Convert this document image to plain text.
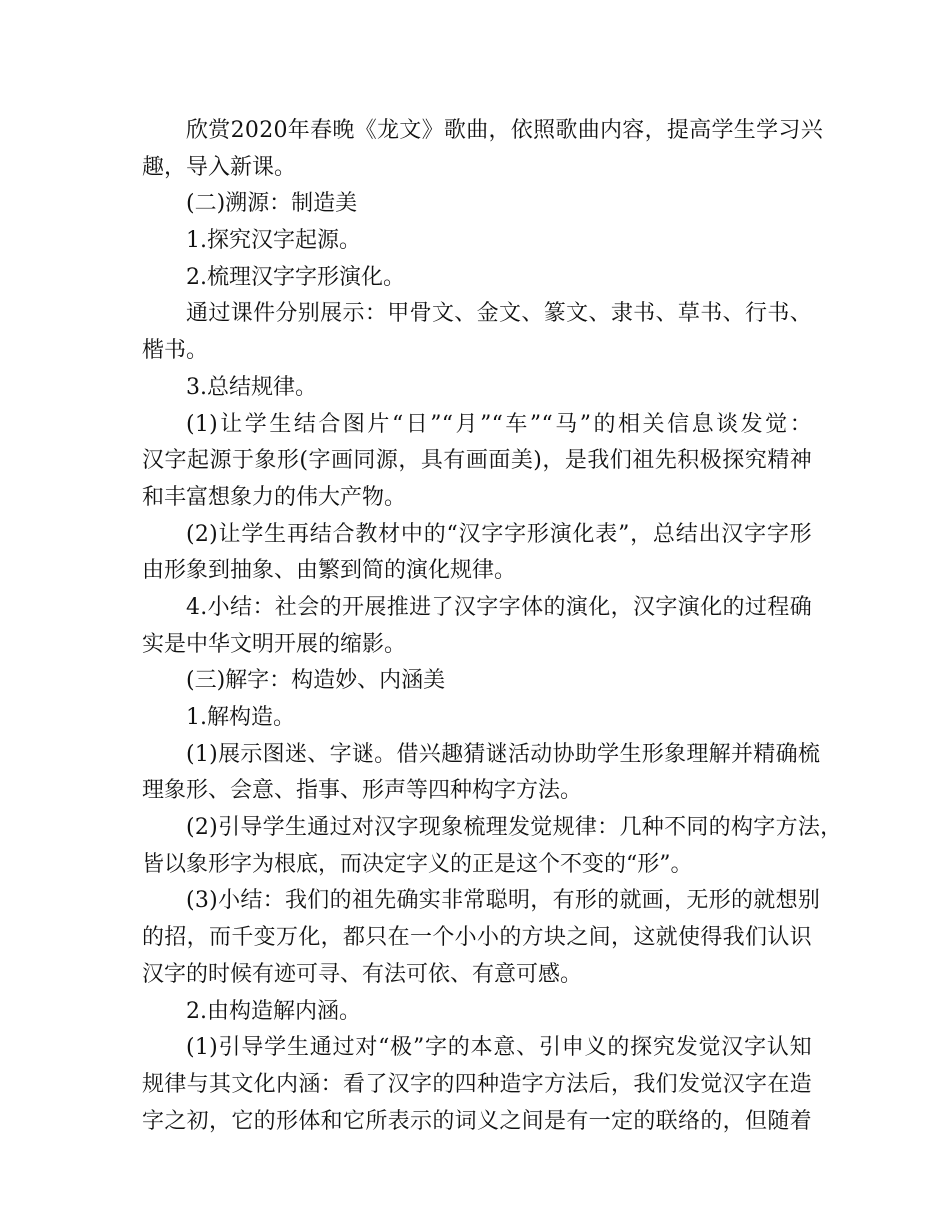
欣赏2020年春晚《龙文》歌曲，依照歌曲内容，提高学生学习兴
趣，导入新课。
(二)溯源：制造美
1.探究汉字起源。
2.梳理汉字字形演化。
通过课件分别展示：甲骨文、金文、篆文、隶书、草书、行书、
楷书。
3.总结规律。
(1)让学生结合图片“日”“月”“车”“马”的相关信息谈发觉：
汉字起源于象形(字画同源，具有画面美)，是我们祖先积极探究精神
和丰富想象力的伟大产物。
(2)让学生再结合教材中的“汉字字形演化表”，总结出汉字字形
由形象到抽象、由繁到简的演化规律。
4.小结：社会的开展推进了汉字字体的演化，汉字演化的过程确
实是中华文明开展的缩影。
(三)解字：构造妙、内涵美
1.解构造。
(1)展示图迷、字谜。借兴趣猜谜活动协助学生形象理解并精确梳
理象形、会意、指事、形声等四种构字方法。
(2)引导学生通过对汉字现象梳理发觉规律：几种不同的构字方法，
皆以象形字为根底，而决定字义的正是这个不变的“形”。
(3)小结：我们的祖先确实非常聪明，有形的就画，无形的就想别
的招，而千变万化，都只在一个小小的方块之间，这就使得我们认识
汉字的时候有迹可寻、有法可依、有意可感。
2.由构造解内涵。
(1)引导学生通过对“极”字的本意、引申义的探究发觉汉字认知
规律与其文化内涵：看了汉字的四种造字方法后，我们发觉汉字在造
字之初，它的形体和它所表示的词义之间是有一定的联络的，但随着
